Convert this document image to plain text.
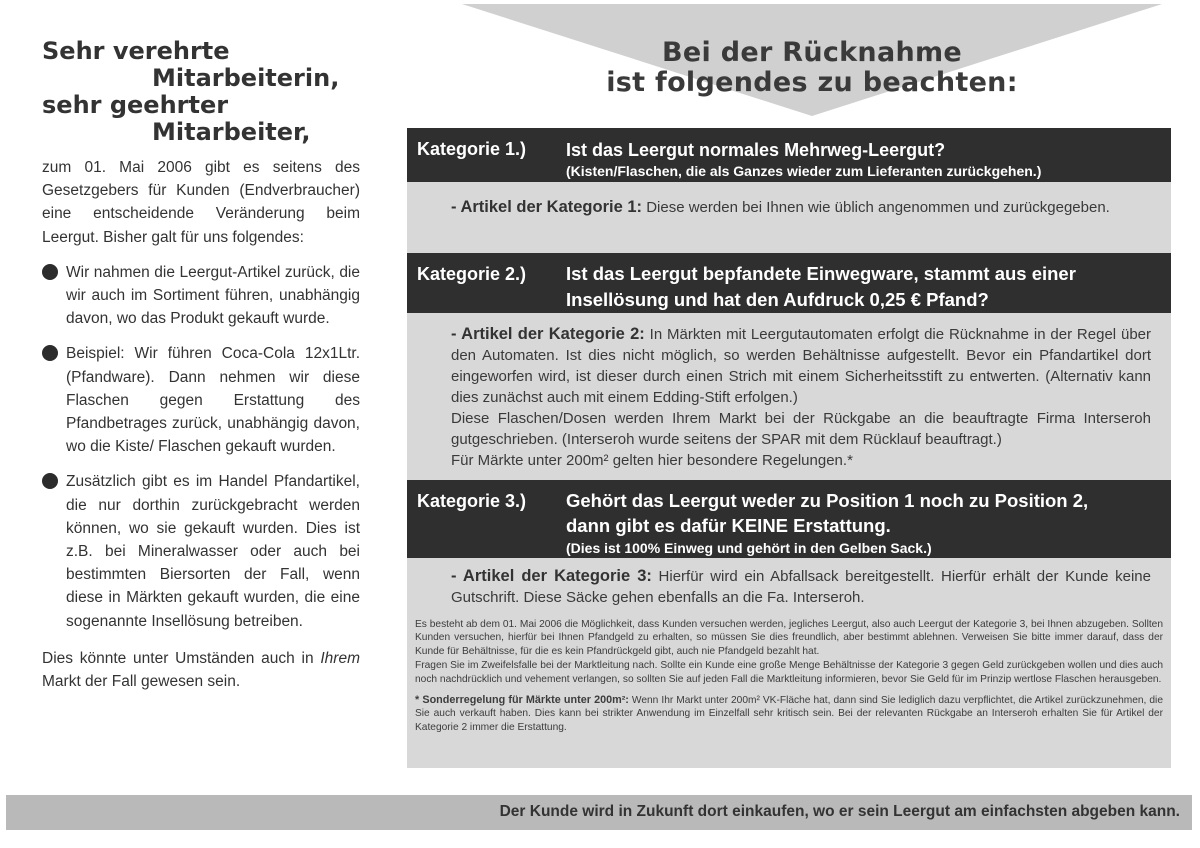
Sehr verehrte
Mitarbeiterin,
sehr geehrter
Mitarbeiter,
zum 01. Mai 2006 gibt es seitens des Gesetzgebers für Kunden (Endverbraucher) eine entscheidende Veränderung beim Leergut. Bisher galt für uns folgendes:
Wir nahmen die Leergut-Artikel zurück, die wir auch im Sortiment führen, unabhängig davon, wo das Produkt gekauft wurde.
Beispiel: Wir führen Coca-Cola 12x1Ltr. (Pfandware). Dann nehmen wir diese Flaschen gegen Erstattung des Pfandbetrages zurück, unabhängig davon, wo die Kiste/ Flaschen gekauft wurden.
Zusätzlich gibt es im Handel Pfandartikel, die nur dorthin zurückgebracht werden können, wo sie gekauft wurden. Dies ist z.B. bei Mineralwasser oder auch bei bestimmten Biersorten der Fall, wenn diese in Märkten gekauft wurden, die eine sogenannte Insellösung betreiben.
Dies könnte unter Umständen auch in Ihrem Markt der Fall gewesen sein.
Bei der Rücknahme
ist folgendes zu beachten:
Kategorie 1.) Ist das Leergut normales Mehrweg-Leergut?
(Kisten/Flaschen, die als Ganzes wieder zum Lieferanten zurückgehen.)
- Artikel der Kategorie 1: Diese werden bei Ihnen wie üblich angenommen und zurückgegeben.
Kategorie 2.) Ist das Leergut bepfandete Einwegware, stammt aus einer
Insellösung und hat den Aufdruck 0,25 € Pfand?
- Artikel der Kategorie 2: In Märkten mit Leergutautomaten erfolgt die Rücknahme in der Regel über den Automaten. Ist dies nicht möglich, so werden Behältnisse aufgestellt. Bevor ein Pfandartikel dort eingeworfen wird, ist dieser durch einen Strich mit einem Sicherheitsstift zu entwerten. (Alternativ kann dies zunächst auch mit einem Edding-Stift erfolgen.)
Diese Flaschen/Dosen werden Ihrem Markt bei der Rückgabe an die beauftragte Firma Interseroh gutgeschrieben. (Interseroh wurde seitens der SPAR mit dem Rücklauf beauftragt.)
Für Märkte unter 200m² gelten hier besondere Regelungen.*
Kategorie 3.) Gehört das Leergut weder zu Position 1 noch zu Position 2,
dann gibt es dafür KEINE Erstattung.
(Dies ist 100% Einweg und gehört in den Gelben Sack.)
- Artikel der Kategorie 3: Hierfür wird ein Abfallsack bereitgestellt. Hierfür erhält der Kunde keine Gutschrift. Diese Säcke gehen ebenfalls an die Fa. Interseroh.

Es besteht ab dem 01. Mai 2006 die Möglichkeit, dass Kunden versuchen werden, jegliches Leergut, also auch Leergut der Kategorie 3, bei Ihnen abzugeben. Sollten Kunden versuchen, hierfür bei Ihnen Pfandgeld zu erhalten, so müssen Sie dies freundlich, aber bestimmt ablehnen. Verweisen Sie bitte immer darauf, dass der Kunde für Behältnisse, für die es kein Pfandrückgeld gibt, auch nie Pfandgeld bezahlt hat.

Fragen Sie im Zweifelsfalle bei der Marktleitung nach. Sollte ein Kunde eine große Menge Behältnisse der Kategorie 3 gegen Geld zurückgeben wollen und dies auch noch nachdrücklich und vehement verlangen, so sollten Sie auf jeden Fall die Marktleitung informieren, bevor Sie Geld für im Prinzip wertlose Flaschen herausgeben.

* Sonderregelung für Märkte unter 200m²: Wenn Ihr Markt unter 200m² VK-Fläche hat, dann sind Sie lediglich dazu verpflichtet, die Artikel zurückzunehmen, die Sie auch verkauft haben. Dies kann bei strikter Anwendung im Einzelfall sehr kritisch sein. Bei der relevanten Rückgabe an Interseroh erhalten Sie für Artikel der Kategorie 2 immer die Erstattung.

Der Kunde wird in Zukunft dort einkaufen, wo er sein Leergut am einfachsten abgeben kann.
